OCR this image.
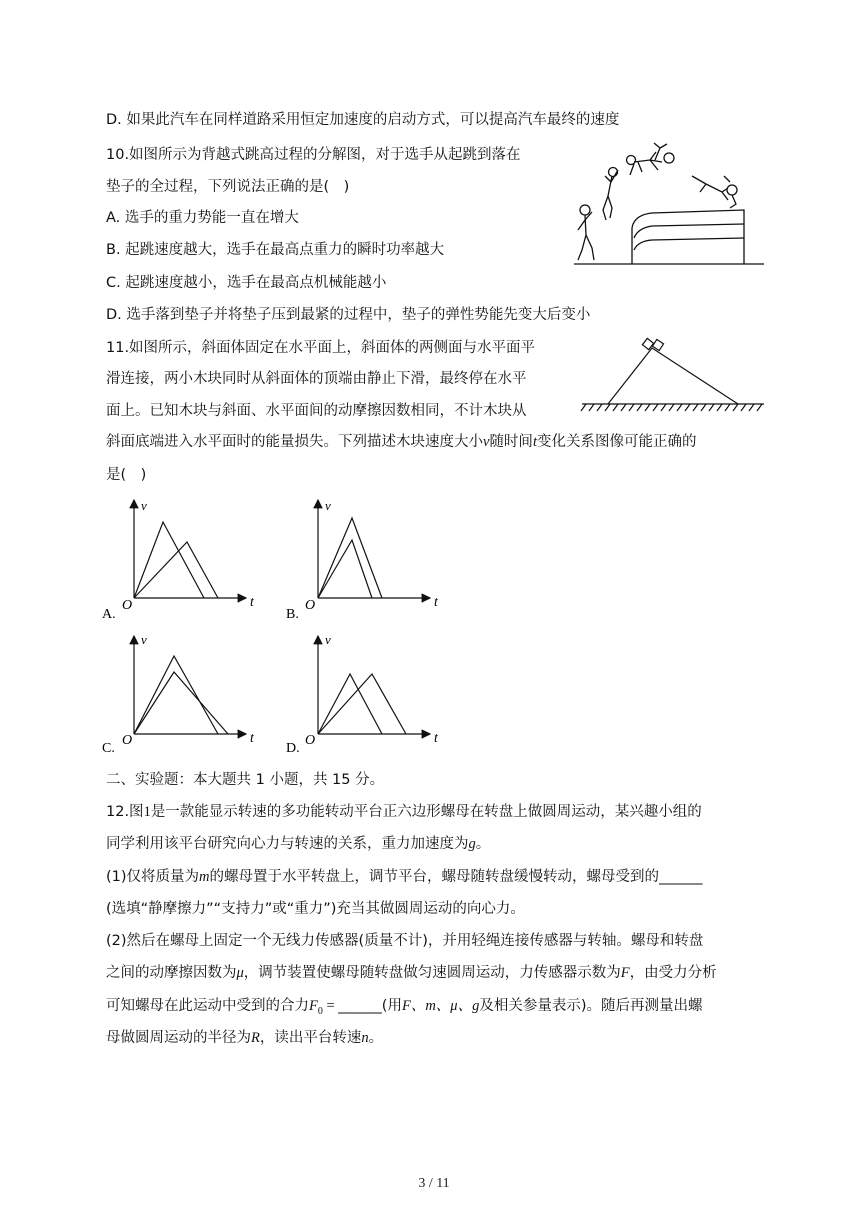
D. 如果此汽车在同样道路采用恒定加速度的启动方式，可以提高汽车最终的速度
10.如图所示为背越式跳高过程的分解图，对于选手从起跳到落在
垫子的全过程，下列说法正确的是(　)
A. 选手的重力势能一直在增大
B. 起跳速度越大，选手在最高点重力的瞬时功率越大
C. 起跳速度越小，选手在最高点机械能越小
D. 选手落到垫子并将垫子压到最紧的过程中，垫子的弹性势能先变大后变小
11.如图所示，斜面体固定在水平面上，斜面体的两侧面与水平面平
滑连接，两小木块同时从斜面体的顶端由静止下滑，最终停在水平
面上。已知木块与斜面、水平面间的动摩擦因数相同，不计木块从
斜面底端进入水平面时的能量损失。下列描述木块速度大小v随时间t变化关系图像可能正确的
是(　)
A.	B.
C.	D.
O
v
t	O
v
t
O
v
t	O
v
t
二、实验题：本大题共 1 小题，共 15 分。
12.图1是一款能显示转速的多功能转动平台正六边形螺母在转盘上做圆周运动，某兴趣小组的
同学利用该平台研究向心力与转速的关系，重力加速度为g。
(1)仅将质量为m的螺母置于水平转盘上，调节平台，螺母随转盘缓慢转动，螺母受到的______
(选填“静摩擦力”“支持力”或“重力”)充当其做圆周运动的向心力。
(2)然后在螺母上固定一个无线力传感器(质量不计)，并用轻绳连接传感器与转轴。螺母和转盘
之间的动摩擦因数为μ，调节装置使螺母随转盘做匀速圆周运动，力传感器示数为F，由受力分析
可知螺母在此运动中受到的合力$F_0$ = ______(用F、m、μ、g及相关参量表示)。随后再测量出螺
母做圆周运动的半径为R，读出平台转速n。
3 / 11
